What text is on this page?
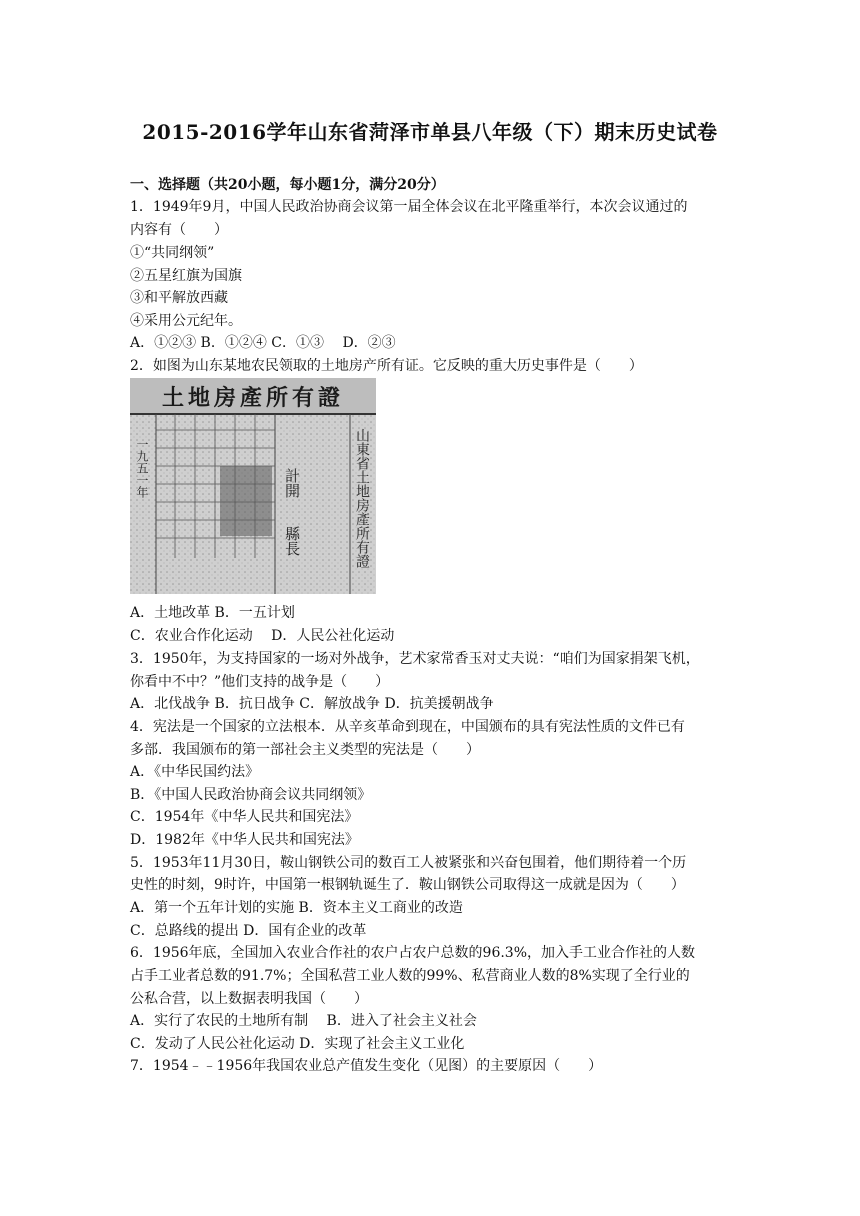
2015-2016学年山东省菏泽市单县八年级（下）期末历史试卷
一、选择题（共20小题，每小题1分，满分20分）
1．1949年9月，中国人民政治协商会议第一届全体会议在北平隆重举行，本次会议通过的
内容有（　　）
①“共同纲领”
②五星红旗为国旗
③和平解放西藏
④采用公元纪年。
A．①②③ B．①②④ C．①③　 D．②③
2．如图为山东某地农民领取的土地房产所有证。它反映的重大历史事件是（　　）
土地房產所有證
一九五一年	計開
縣長	山東省土地房產所有證
A．土地改革 B．一五计划
C．农业合作化运动　 D．人民公社化运动
3．1950年，为支持国家的一场对外战争，艺术家常香玉对丈夫说：“咱们为国家捐架飞机，
你看中不中？”他们支持的战争是（　　）
A．北伐战争 B．抗日战争 C．解放战争 D．抗美援朝战争
4．宪法是一个国家的立法根本．从辛亥革命到现在，中国颁布的具有宪法性质的文件已有
多部．我国颁布的第一部社会主义类型的宪法是（　　）
A．《中华民国约法》
B．《中国人民政治协商会议共同纲领》
C．1954年《中华人民共和国宪法》
D．1982年《中华人民共和国宪法》
5．1953年11月30日，鞍山钢铁公司的数百工人被紧张和兴奋包围着，他们期待着一个历
史性的时刻，9时许，中国第一根钢轨诞生了．鞍山钢铁公司取得这一成就是因为（　　）
A．第一个五年计划的实施 B．资本主义工商业的改造
C．总路线的提出 D．国有企业的改革
6．1956年底，全国加入农业合作社的农户占农户总数的96.3%，加入手工业合作社的人数
占手工业者总数的91.7%；全国私营工业人数的99%、私营商业人数的8%实现了全行业的
公私合营，以上数据表明我国（　　）
A．实行了农民的土地所有制　 B．进入了社会主义社会
C．发动了人民公社化运动 D．实现了社会主义工业化
7．1954﹣﹣1956年我国农业总产值发生变化（见图）的主要原因（　　）
